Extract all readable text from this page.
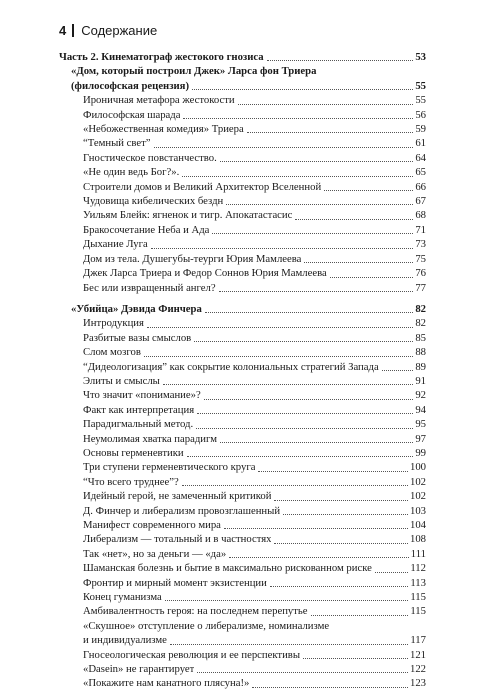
4 Содержание
Часть 2. Кинематограф жестокого гнозиса	53
«Дом, который построил Джек» Ларса фон Триера
(философская рецензия)	55
Ироничная метафора жестокости	55
Философская шарада	56
«Небожественная комедия» Триера	59
“Темный свет”	61
Гностическое повстанчество.	64
«Не один ведь Бог?».	65
Строители домов и Великий Архитектор Вселенной	66
Чудовища кибелических бездн	67
Уильям Блейк: ягненок и тигр. Апокатастасис	68
Бракосочетание Неба и Ада	71
Дыхание Луга	73
Дом из тела. Душегубы-теурги Юрия Мамлеева	75
Джек Ларса Триера и Федор Соннов Юрия Мамлеева	76
Бес или извращенный ангел?	77
«Убийца» Дэвида Финчера	82
Интродукция	82
Разбитые вазы смыслов	85
Слом мозгов	88
“Дидеологизация” как сокрытие колониальных стратегий Запада	89
Элиты и смыслы	91
Что значит «понимание»?	92
Факт как интерпретация	94
Парадигмальный метод.	95
Неумолимая хватка парадигм	97
Основы герменевтики	99
Три ступени герменевтического круга	100
“Что всего труднее”?	102
Идейный герой, не замеченный критикой	102
Д. Финчер и либерализм провозглашенный	103
Манифест современного мира	104
Либерализм — тотальный и в частностях	108
Так «нет», но за деньги — «да»	111
Шаманская болезнь и бытие в максимально рискованном риске	112
Фронтир и мирный момент экзистенции	113
Конец гуманизма	115
Амбивалентность героя: на последнем перепутье	115
«Скушное» отступление о либерализме, номинализме
и индивидуализме	117
Гносеологическая революция и ее перспективы	121
«Dasein» не гарантирует	122
«Покажите нам канатного плясуна!»	123
